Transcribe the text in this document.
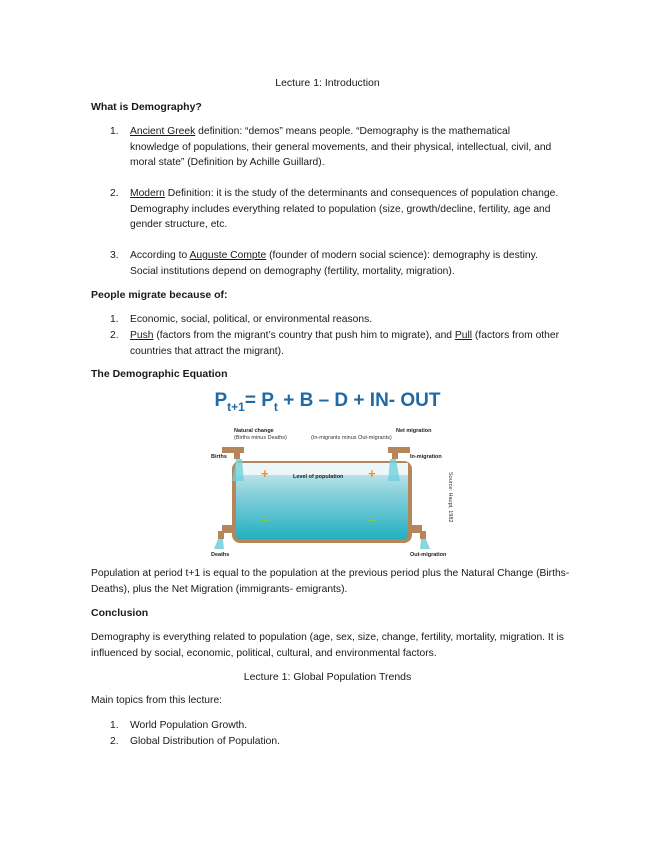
Lecture 1: Introduction
What is Demography?
1. Ancient Greek definition: “demos” means people. “Demography is the mathematical knowledge of populations, their general movements, and their physical, intellectual, civil, and moral state” (Definition by Achille Guillard).
2. Modern Definition: it is the study of the determinants and consequences of population change. Demography includes everything related to population (size, growth/decline, fertility, age and gender structure, etc.
3. According to Auguste Compte (founder of modern social science): demography is destiny. Social institutions depend on demography (fertility, mortality, migration).
People migrate because of:
1. Economic, social, political, or environmental reasons.
2. Push (factors from the migrant’s country that push him to migrate), and Pull (factors from other countries that attract the migrant).
The Demographic Equation
$P_{t+1}= P_t + B - D + IN-$ OUT
Natural change
(Births minus Deaths)
Net migration
(In-migrants minus Out-migrants)
Births	In-migration
+	+
Level of population
−	−
Deaths	Out-migration
Source: Haupt, 1982
Population at period t+1 is equal to the population at the previous period plus the Natural Change (Births-Deaths), plus the Net Migration (immigrants- emigrants).
Conclusion
Demography is everything related to population (age, sex, size, change, fertility, mortality, migration. It is influenced by social, economic, political, cultural, and environmental factors.
Lecture 1: Global Population Trends
Main topics from this lecture:
1. World Population Growth.
2. Global Distribution of Population.
